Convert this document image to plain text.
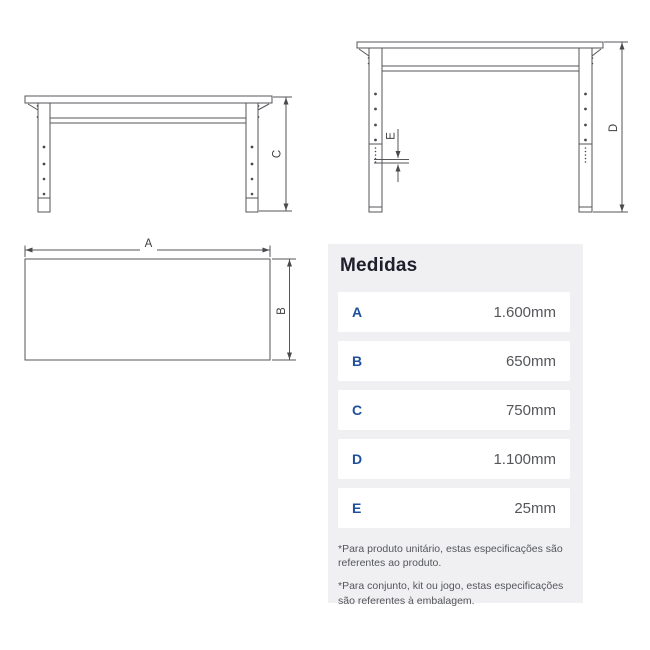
C
E
D
A
B
Medidas
A	1.600mm
B	650mm
C	750mm
D	1.100mm
E	25mm

*Para produto unitário, estas especificações são referentes ao produto.

*Para conjunto, kit ou jogo, estas especificações são referentes à embalagem.
